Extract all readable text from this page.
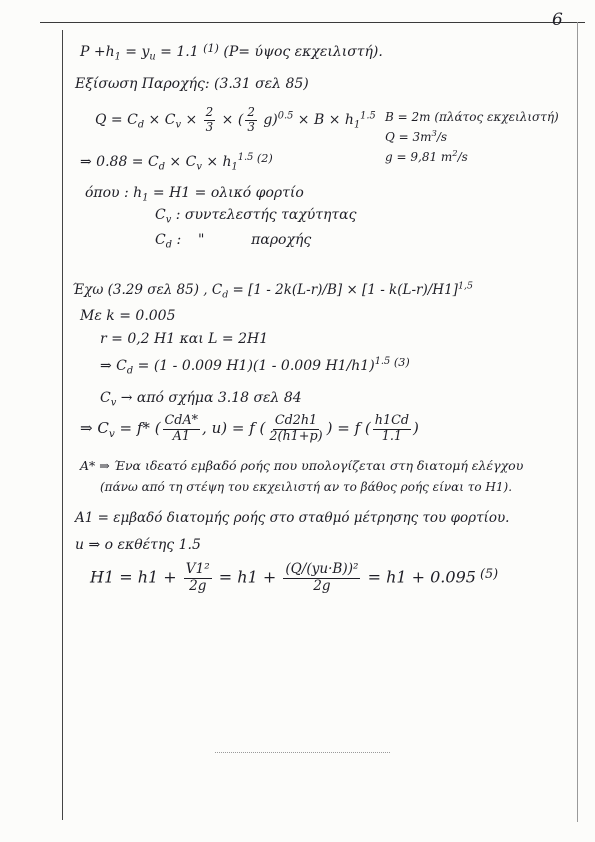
6
$P +h_1 = y_u = 1.1$ $^{(1)}$ (P= ύψος εκχειλιστή).
Εξίσωση Παροχής: (3.31 σελ 85)
$Q = C_d \times C_v \times \frac{2}{3}$ × ( $\frac{2}{3} g)^{0.5} \times B \times h_1^{1.5}$ B = 2m (πλάτος εκχειλιστή)
$Q = 3m^3/s$
g = 9,81 $m^2/s$
⇒ $0.88 = C_d \times C_v \times h_1^{1.5}$ $^{(2)}$
όπου : $h_1 = H1 = o\lambda\iota\kappa ό$ φορτίο
$C_v$ : συντελεστής ταχύτητας
$C_d$ : "	παροχής
Έχω (3.29 σελ 85) , $C_d = [1 - 2k(L-r)/B] \times [1 - k(L-r)/H1]^{1,5}$
Με k = 0.005
r = 0,2 H1 και L = 2H1
⇒ $C_d = (1 - 0.009$ H1)(1 - 0.009 H1/h1)$^{1.5}$ $^{(3)}$
$C_v \to \alpha\pi ό$ σχήμα 3.18 σελ 84
⇒ $C_v = f*$ ( $\frac{\text{CdA*}}{A1}$ , u) = f ( $\frac{Cd2h1}{2(h1+p)}$ ) = f ( $\frac{h1Cd}{1.1}$ )
A* ⇒ Ένα ιδεατό εμβαδό ροής που υπολογίζεται στη διατομή ελέγχου
(πάνω από τη στέψη του εκχειλιστή αν το βάθος ροής είναι το H1).
A1 = εμβαδό διατομής ροής στο σταθμό μέτρησης του φορτίου.
u ⇒ ο εκθέτης 1.5
$H1 = h1 + \frac{\text{V1²}}{2g} = h1 + \frac{\text{(Q/(yu·B))²}}{2g} = h1 + 0.095$ $^{(5)}$
